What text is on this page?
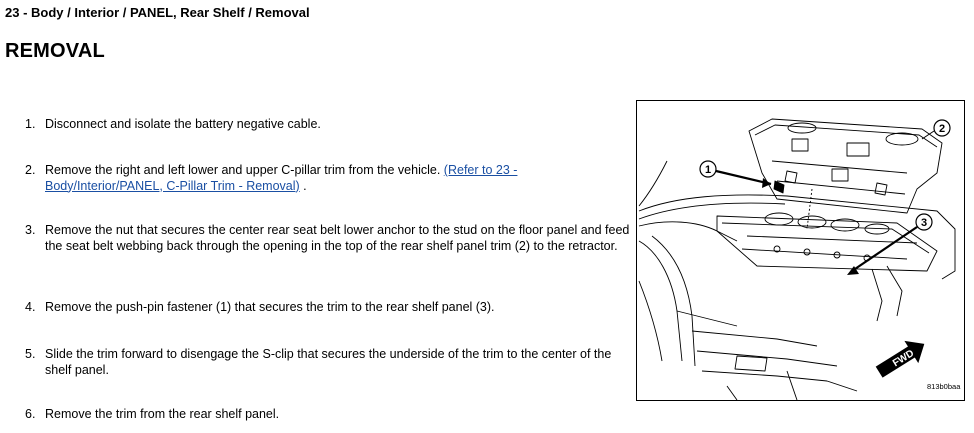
23 - Body / Interior / PANEL, Rear Shelf / Removal
REMOVAL
1. Disconnect and isolate the battery negative cable.
2. Remove the right and left lower and upper C-pillar trim from the vehicle. (Refer to 23 - Body/Interior/PANEL, C-Pillar Trim - Removal) .
3. Remove the nut that secures the center rear seat belt lower anchor to the stud on the floor panel and feed the seat belt webbing back through the opening in the top of the rear shelf panel trim (2) to the retractor.
4. Remove the push-pin fastener (1) that secures the trim to the rear shelf panel (3).
5. Slide the trim forward to disengage the S-clip that secures the underside of the trim to the center of the shelf panel.
6. Remove the trim from the rear shelf panel.
1
2
3
FWD
813b0baa
